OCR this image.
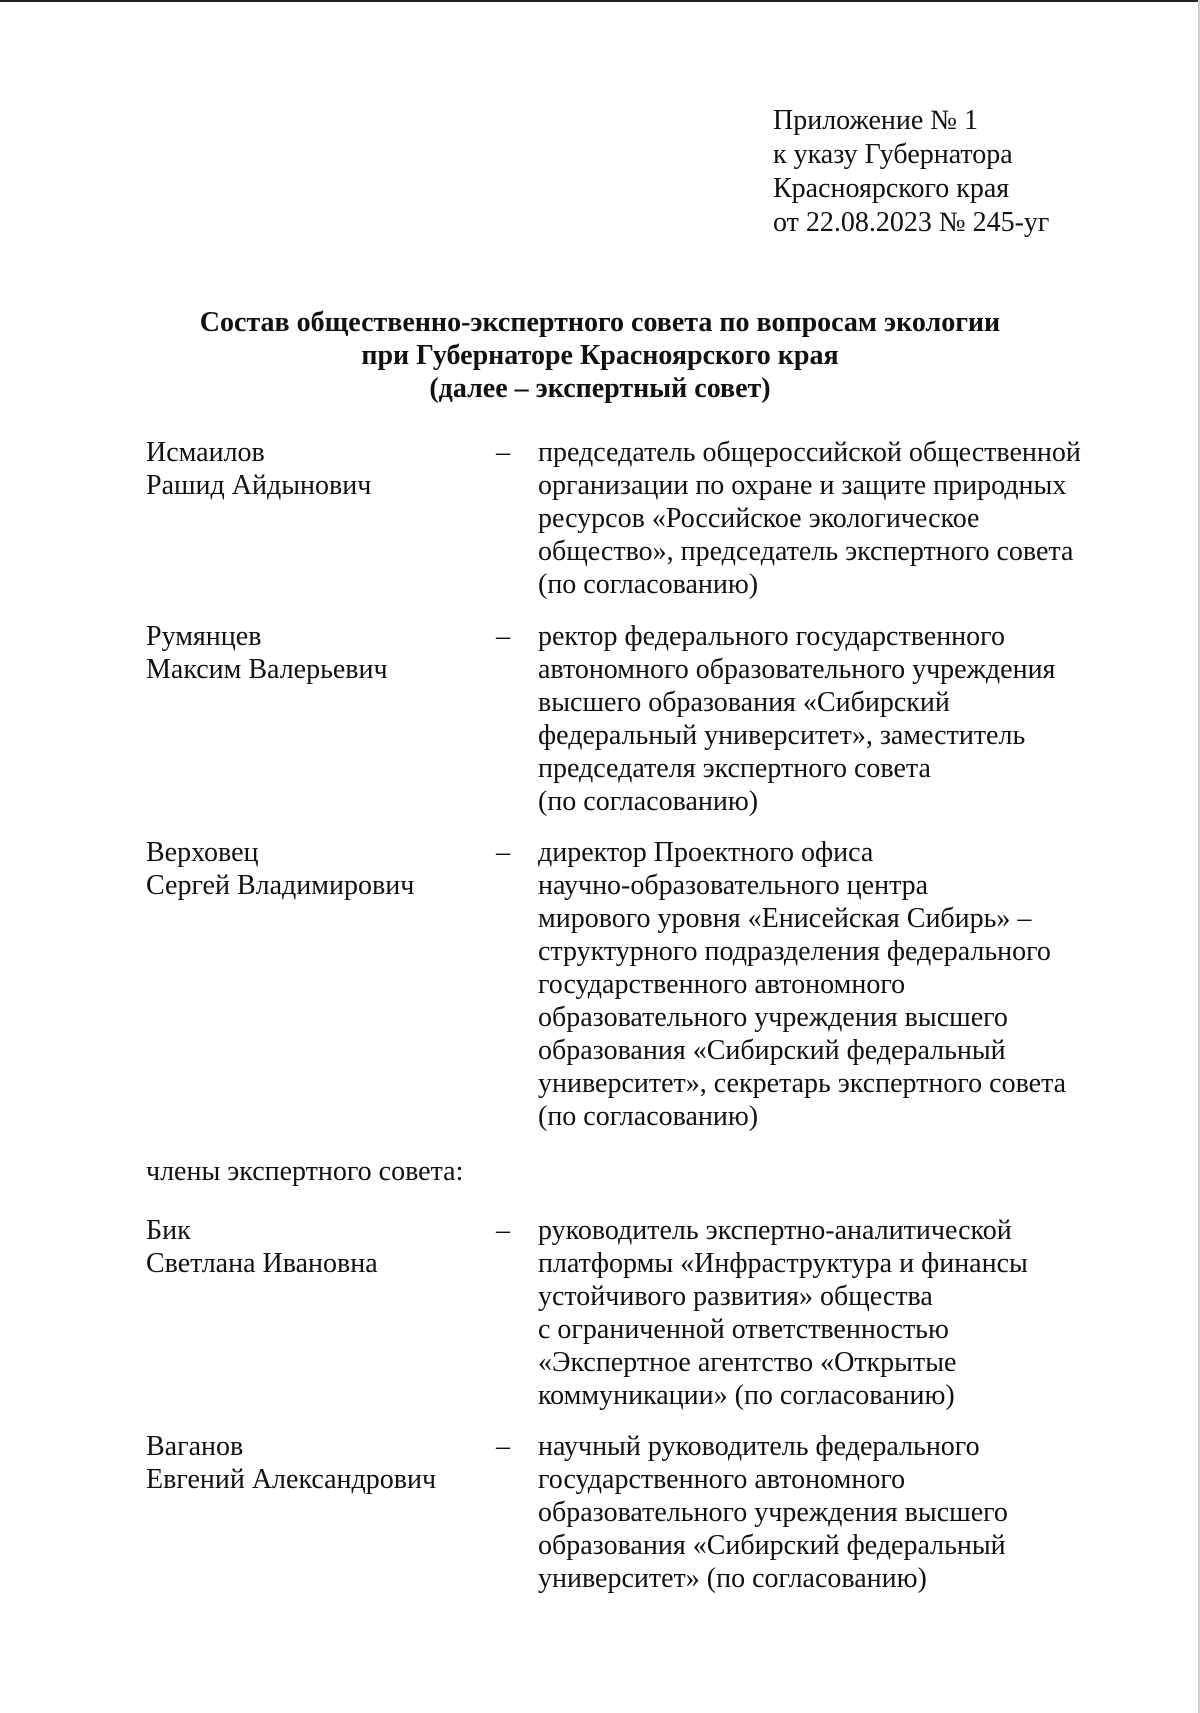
Приложение № 1
к указу Губернатора
Красноярского края
от 22.08.2023 № 245-уг
Состав общественно-экспертного совета по вопросам экологии
при Губернаторе Красноярского края
(далее – экспертный совет)
Исмаилов
Рашид Айдынович
– председатель общероссийской общественной
организации по охране и защите природных
ресурсов «Российское экологическое
общество», председатель экспертного совета
(по согласованию)
Румянцев
Максим Валерьевич
– ректор федерального государственного
автономного образовательного учреждения
высшего образования «Сибирский
федеральный университет», заместитель
председателя экспертного совета
(по согласованию)
Верховец
Сергей Владимирович
– директор Проектного офиса
научно-образовательного центра
мирового уровня «Енисейская Сибирь» –
структурного подразделения федерального
государственного автономного
образовательного учреждения высшего
образования «Сибирский федеральный
университет», секретарь экспертного совета
(по согласованию)
члены экспертного совета:
Бик
Светлана Ивановна
– руководитель экспертно-аналитической
платформы «Инфраструктура и финансы
устойчивого развития» общества
с ограниченной ответственностью
«Экспертное агентство «Открытые
коммуникации» (по согласованию)
Ваганов
Евгений Александрович
– научный руководитель федерального
государственного автономного
образовательного учреждения высшего
образования «Сибирский федеральный
университет» (по согласованию)
